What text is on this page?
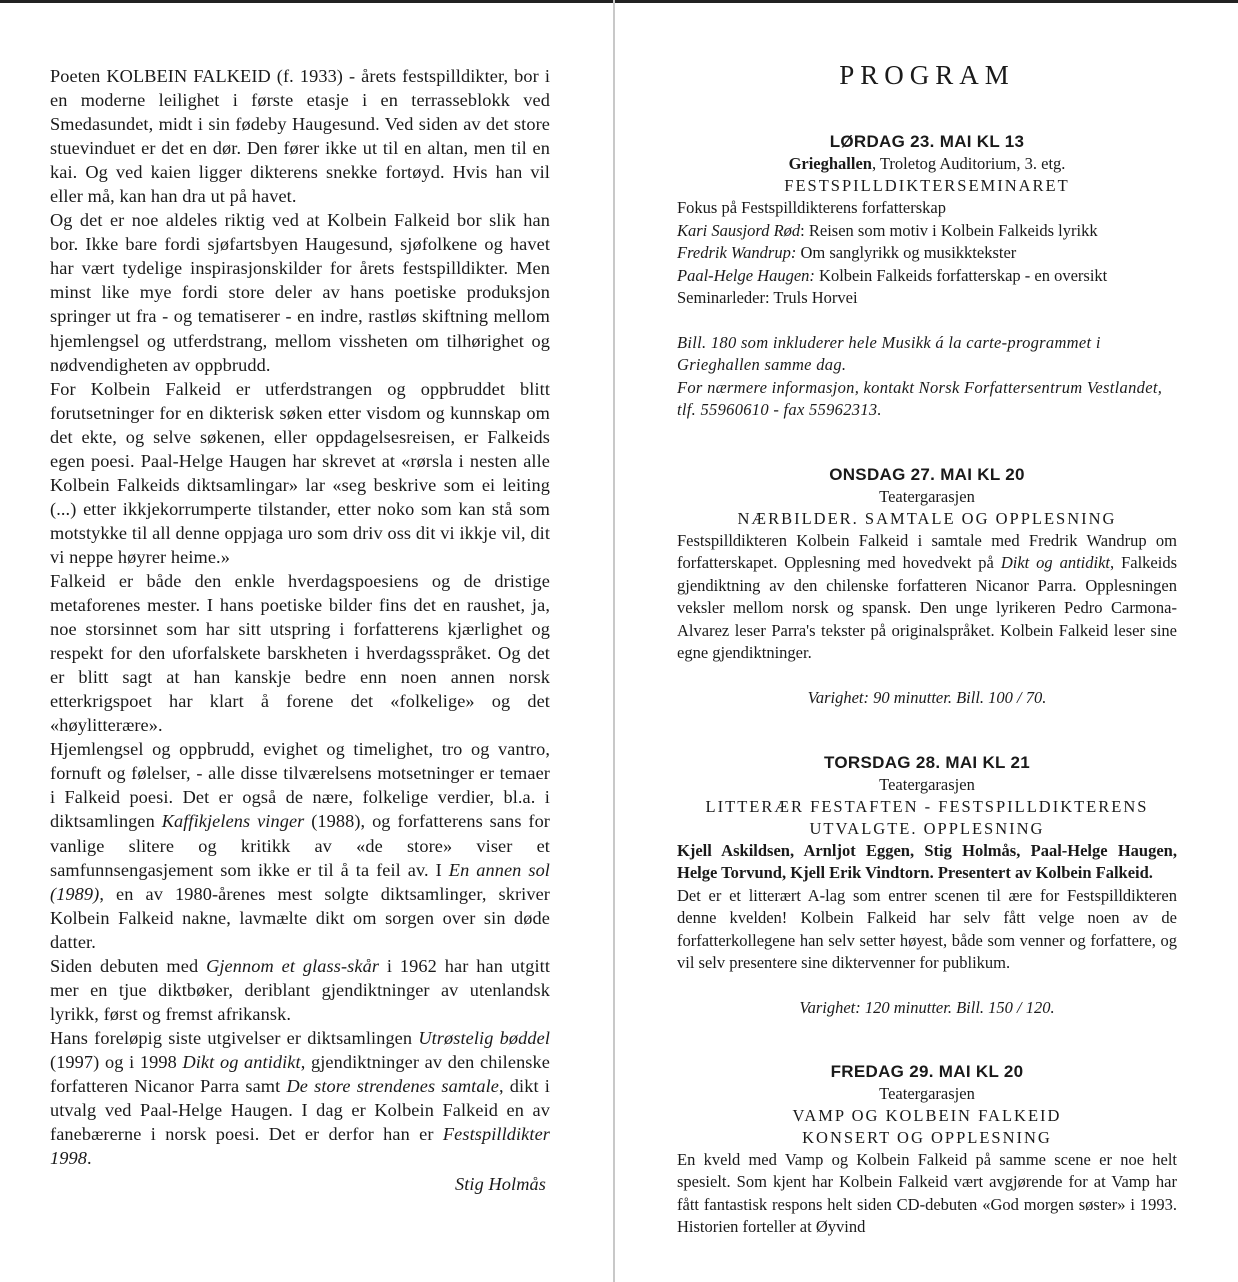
Poeten KOLBEIN FALKEID (f. 1933) - årets festspilldikter, bor i en moderne leilighet i første etasje i en terrasseblokk ved Smedasundet, midt i sin fødeby Haugesund. Ved siden av det store stuevinduet er det en dør. Den fører ikke ut til en altan, men til en kai. Og ved kaien ligger dikterens snekke fortøyd. Hvis han vil eller må, kan han dra ut på havet.

Og det er noe aldeles riktig ved at Kolbein Falkeid bor slik han bor. Ikke bare fordi sjøfartsbyen Haugesund, sjøfolkene og havet har vært tydelige inspirasjonskilder for årets festspilldikter. Men minst like mye fordi store deler av hans poetiske produksjon springer ut fra - og tematiserer - en indre, rastløs skiftning mellom hjemlengsel og utferdstrang, mellom vissheten om tilhørighet og nødvendigheten av oppbrudd.

For Kolbein Falkeid er utferdstrangen og oppbruddet blitt forutsetninger for en dikterisk søken etter visdom og kunnskap om det ekte, og selve søkenen, eller oppdagelsesreisen, er Falkeids egen poesi. Paal-Helge Haugen har skrevet at «rørsla i nesten alle Kolbein Falkeids diktsamlingar» lar «seg beskrive som ei leiting (...) etter ikkjekorrumperte tilstander, etter noko som kan stå som motstykke til all denne oppjaga uro som driv oss dit vi ikkje vil, dit vi neppe høyrer heime.»

Falkeid er både den enkle hverdagspoesiens og de dristige metaforenes mester. I hans poetiske bilder fins det en raushet, ja, noe storsinnet som har sitt utspring i forfatterens kjærlighet og respekt for den uforfalskete barskheten i hverdagsspråket. Og det er blitt sagt at han kanskje bedre enn noen annen norsk etterkrigspoet har klart å forene det «folkelige» og det «høylitterære».

Hjemlengsel og oppbrudd, evighet og timelighet, tro og vantro, fornuft og følelser, - alle disse tilværelsens motsetninger er temaer i Falkeid poesi. Det er også de nære, folkelige verdier, bl.a. i diktsamlingen Kaffikjelens vinger (1988), og forfatterens sans for vanlige slitere og kritikk av «de store» viser et samfunnsengasjement som ikke er til å ta feil av. I En annen sol (1989), en av 1980-årenes mest solgte diktsamlinger, skriver Kolbein Falkeid nakne, lavmælte dikt om sorgen over sin døde datter.

Siden debuten med Gjennom et glass-skår i 1962 har han utgitt mer en tjue diktbøker, deriblant gjendiktninger av utenlandsk lyrikk, først og fremst afrikansk.

Hans foreløpig siste utgivelser er diktsamlingen Utrøstelig bøddel (1997) og i 1998 Dikt og antidikt, gjendiktninger av den chilenske forfatteren Nicanor Parra samt De store strendenes samtale, dikt i utvalg ved Paal-Helge Haugen. I dag er Kolbein Falkeid en av fanebærerne i norsk poesi. Det er derfor han er Festspilldikter 1998.

Stig Holmås

PROGRAM
LØRDAG 23. MAI KL 13
Grieghallen, Troletog Auditorium, 3. etg.
FESTSPILLDIKTERSEMINARET
Fokus på Festspilldikterens forfatterskap
Kari Sausjord Rød: Reisen som motiv i Kolbein Falkeids lyrikk
Fredrik Wandrup: Om sanglyrikk og musikktekster
Paal-Helge Haugen: Kolbein Falkeids forfatterskap - en oversikt
Seminarleder: Truls Horvei
Bill. 180 som inkluderer hele Musikk á la carte-programmet i Grieghallen samme dag.
For nærmere informasjon, kontakt Norsk Forfattersentrum Vestlandet, tlf. 55960610 - fax 55962313.
ONSDAG 27. MAI KL 20
Teatergarasjen
NÆRBILDER. SAMTALE OG OPPLESNING
Festspilldikteren Kolbein Falkeid i samtale med Fredrik Wandrup om forfatterskapet. Opplesning med hovedvekt på Dikt og antidikt, Falkeids gjendiktning av den chilenske forfatteren Nicanor Parra. Opplesningen veksler mellom norsk og spansk. Den unge lyrikeren Pedro Carmona-Alvarez leser Parra's tekster på originalspråket. Kolbein Falkeid leser sine egne gjendiktninger.
Varighet: 90 minutter. Bill. 100 / 70.
TORSDAG 28. MAI KL 21
Teatergarasjen
LITTERÆR FESTAFTEN - FESTSPILLDIKTERENS
UTVALGTE. OPPLESNING
Kjell Askildsen, Arnljot Eggen, Stig Holmås, Paal-Helge Haugen, Helge Torvund, Kjell Erik Vindtorn. Presentert av Kolbein Falkeid.
Det er et litterært A-lag som entrer scenen til ære for Festspilldikteren denne kvelden! Kolbein Falkeid har selv fått velge noen av de forfatterkollegene han selv setter høyest, både som venner og forfattere, og vil selv presentere sine diktervenner for publikum.
Varighet: 120 minutter. Bill. 150 / 120.
FREDAG 29. MAI KL 20
Teatergarasjen
VAMP OG KOLBEIN FALKEID
KONSERT OG OPPLESNING
En kveld med Vamp og Kolbein Falkeid på samme scene er noe helt spesielt. Som kjent har Kolbein Falkeid vært avgjørende for at Vamp har fått fantastisk respons helt siden CD-debuten «God morgen søster» i 1993. Historien forteller at Øyvind
